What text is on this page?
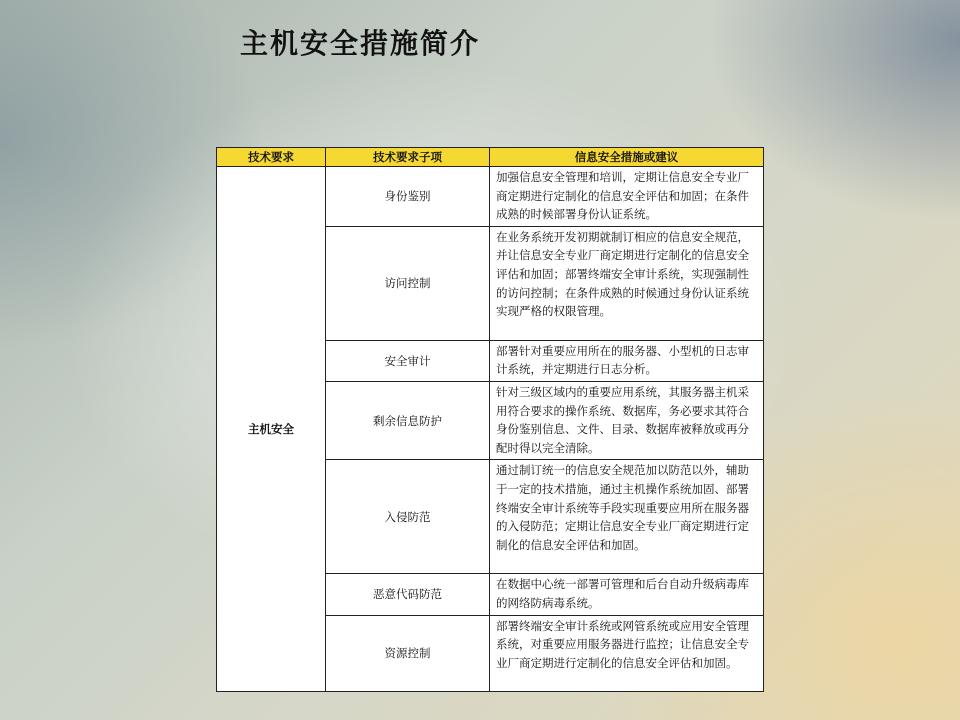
主机安全措施简介
技术要求	技术要求子项	信息安全措施或建议
主机安全	身份鉴别	加强信息安全管理和培训，定期让信息安全专业厂商定期进行定制化的信息安全评估和加固；在条件成熟的时候部署身份认证系统。
	访问控制	在业务系统开发初期就制订相应的信息安全规范，并让信息安全专业厂商定期进行定制化的信息安全评估和加固；部署终端安全审计系统，实现强制性的访问控制；在条件成熟的时候通过身份认证系统实现严格的权限管理。
	安全审计	部署针对重要应用所在的服务器、小型机的日志审计系统，并定期进行日志分析。
	剩余信息防护	针对三级区域内的重要应用系统，其服务器主机采用符合要求的操作系统、数据库，务必要求其符合身份鉴别信息、文件、目录、数据库被释放或再分配时得以完全清除。
	入侵防范	通过制订统一的信息安全规范加以防范以外，辅助于一定的技术措施，通过主机操作系统加固、部署终端安全审计系统等手段实现重要应用所在服务器的入侵防范；定期让信息安全专业厂商定期进行定制化的信息安全评估和加固。
	恶意代码防范	在数据中心统一部署可管理和后台自动升级病毒库的网络防病毒系统。
	资源控制	部署终端安全审计系统或网管系统或应用安全管理系统，对重要应用服务器进行监控；让信息安全专业厂商定期进行定制化的信息安全评估和加固。
